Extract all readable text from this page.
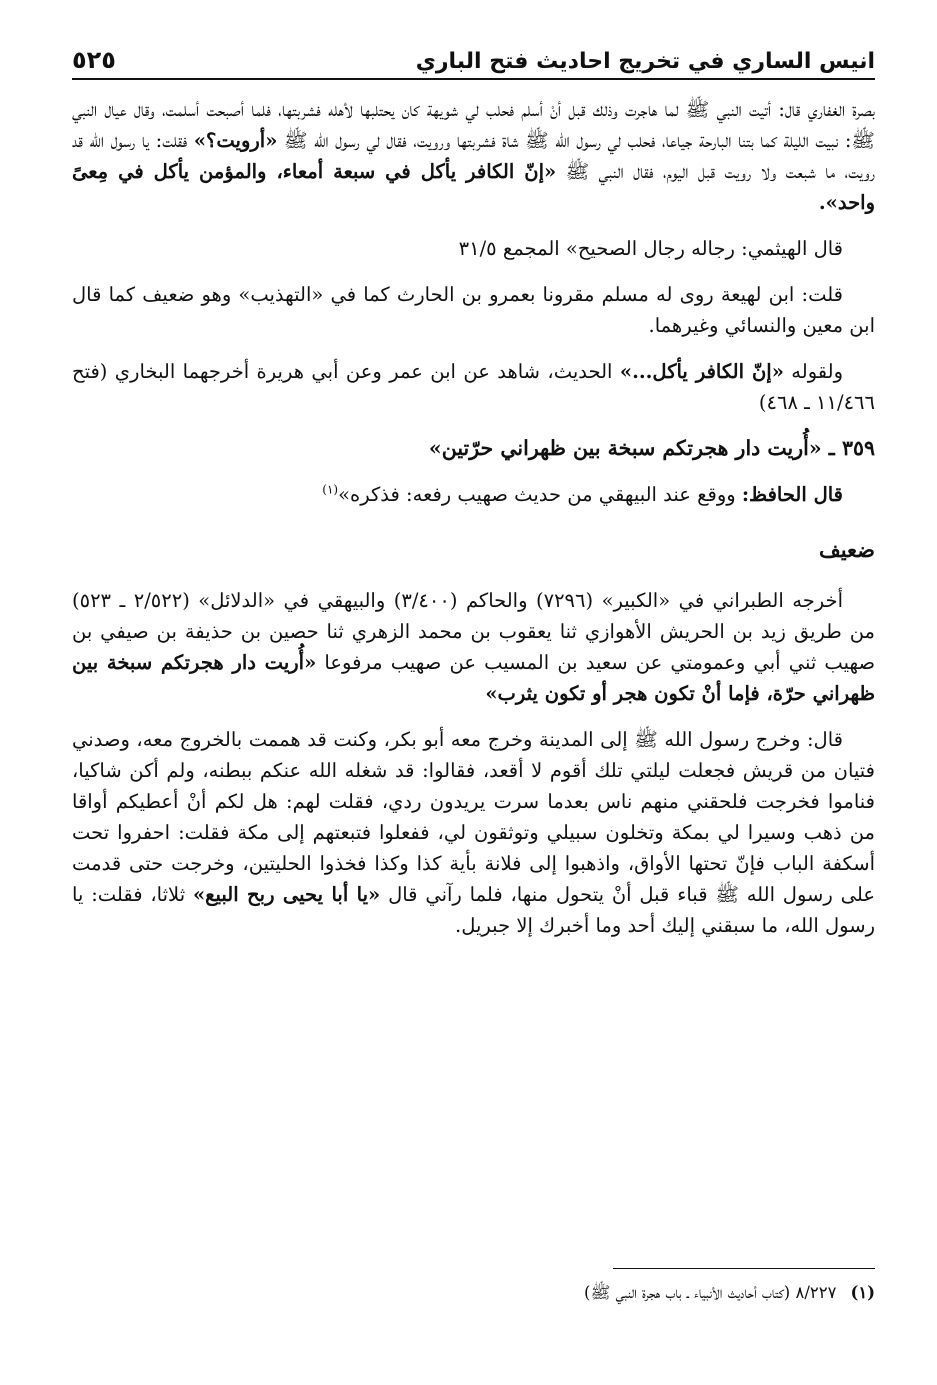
انيس الساري في تخريج احاديث فتح الباري
٥٢٥

بصرة الغفاري قال: أتيت النبي ﷺ لما هاجرت وذلك قبل أنْ أسلم فحلب لي شويهة كان يحتلبها لأهله فشربتها، فلما أصبحت أسلمت، وقال عيال النبي ﷺ: نبيت الليلة كما بتنا البارحة جياعا، فحلب لي رسول الله ﷺ شاة فشربتها ورويت، فقال لي رسول الله ﷺ «أرويت؟» فقلت: يا رسول الله قد رويت، ما شبعت ولا رويت قبل اليوم، فقال النبي ﷺ «إنّ الكافر يأكل في سبعة أمعاء، والمؤمن يأكل في مِعىً واحد».

قال الهيثمي: رجاله رجال الصحيح» المجمع ٣١/٥

قلت: ابن لهيعة روى له مسلم مقرونا بعمرو بن الحارث كما في «التهذيب» وهو ضعيف كما قال ابن معين والنسائي وغيرهما.

ولقوله «إنّ الكافر يأكل...» الحديث، شاهد عن ابن عمر وعن أبي هريرة أخرجهما البخاري (فتح ١١/٤٦٦ ـ ٤٦٨)

٣٥٩ ـ «أُريت دار هجرتكم سبخة بين ظهراني حرّتين»

قال الحافظ: ووقع عند البيهقي من حديث صهيب رفعه: فذكره»$^{(١)}$

ضعيف

أخرجه الطبراني في «الكبير» (٧٢٩٦) والحاكم (٣/٤٠٠) والبيهقي في «الدلائل» (٢/٥٢٢ ـ ٥٢٣) من طريق زيد بن الحريش الأهوازي ثنا يعقوب بن محمد الزهري ثنا حصين بن حذيفة بن صيفي بن صهيب ثني أبي وعمومتي عن سعيد بن المسيب عن صهيب مرفوعا «أُريت دار هجرتكم سبخة بين ظهراني حرّة، فإما أنْ تكون هجر أو تكون يثرب»

قال: وخرج رسول الله ﷺ إلى المدينة وخرج معه أبو بكر، وكنت قد هممت بالخروج معه، وصدني فتيان من قريش فجعلت ليلتي تلك أقوم لا أقعد، فقالوا: قد شغله الله عنكم ببطنه، ولم أكن شاكيا، فناموا فخرجت فلحقني منهم ناس بعدما سرت يريدون ردي، فقلت لهم: هل لكم أنْ أعطيكم أواقا من ذهب وسيرا لي بمكة وتخلون سبيلي وتوثقون لي، ففعلوا فتبعتهم إلى مكة فقلت: احفروا تحت أسكفة الباب فإنّ تحتها الأواق، واذهبوا إلى فلانة بأية كذا وكذا فخذوا الحليتين، وخرجت حتى قدمت على رسول الله ﷺ قباء قبل أنْ يتحول منها، فلما رآني قال «يا أبا يحيى ربح البيع» ثلاثا، فقلت: يا رسول الله، ما سبقني إليك أحد وما أخبرك إلا جبريل.

(١)٨/٢٢٧ (كتاب أحاديث الأنبياء ـ باب هجرة النبي ﷺ)
